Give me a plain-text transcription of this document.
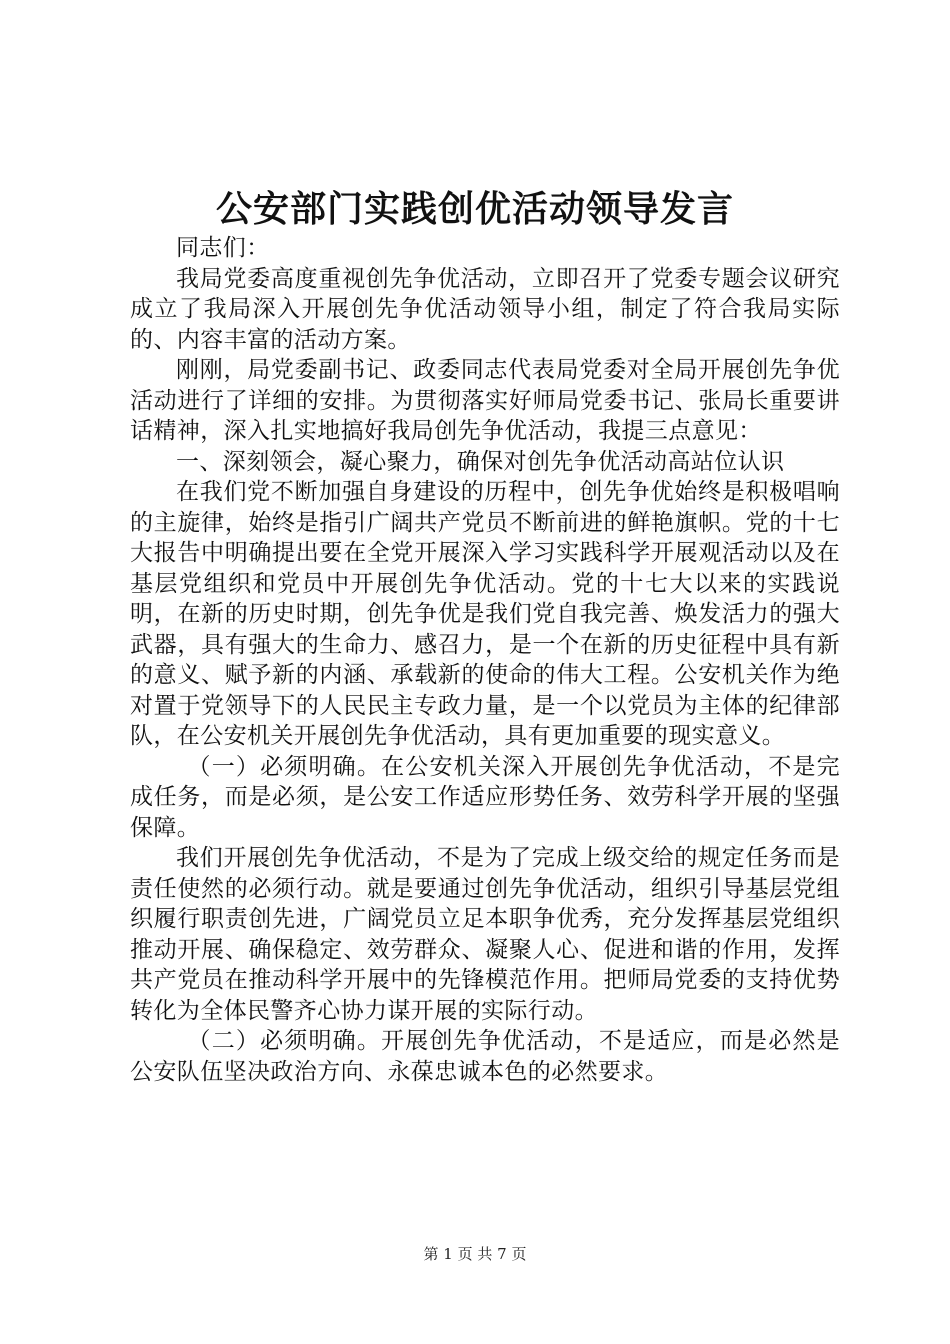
公安部门实践创优活动领导发言

同志们：

我局党委高度重视创先争优活动，立即召开了党委专题会议研究成立了我局深入开展创先争优活动领导小组，制定了符合我局实际的、内容丰富的活动方案。

刚刚，局党委副书记、政委同志代表局党委对全局开展创先争优活动进行了详细的安排。为贯彻落实好师局党委书记、张局长重要讲话精神，深入扎实地搞好我局创先争优活动，我提三点意见：

一、深刻领会，凝心聚力，确保对创先争优活动高站位认识

在我们党不断加强自身建设的历程中，创先争优始终是积极唱响的主旋律，始终是指引广阔共产党员不断前进的鲜艳旗帜。党的十七大报告中明确提出要在全党开展深入学习实践科学开展观活动以及在基层党组织和党员中开展创先争优活动。党的十七大以来的实践说明，在新的历史时期，创先争优是我们党自我完善、焕发活力的强大武器，具有强大的生命力、感召力，是一个在新的历史征程中具有新的意义、赋予新的内涵、承载新的使命的伟大工程。公安机关作为绝对置于党领导下的人民民主专政力量，是一个以党员为主体的纪律部队，在公安机关开展创先争优活动，具有更加重要的现实意义。

（一）必须明确。在公安机关深入开展创先争优活动，不是完成任务，而是必须，是公安工作适应形势任务、效劳科学开展的坚强保障。

我们开展创先争优活动，不是为了完成上级交给的规定任务而是责任使然的必须行动。就是要通过创先争优活动，组织引导基层党组织履行职责创先进，广阔党员立足本职争优秀，充分发挥基层党组织推动开展、确保稳定、效劳群众、凝聚人心、促进和谐的作用，发挥共产党员在推动科学开展中的先锋模范作用。把师局党委的支持优势转化为全体民警齐心协力谋开展的实际行动。

（二）必须明确。开展创先争优活动，不是适应，而是必然是公安队伍坚决政治方向、永葆忠诚本色的必然要求。

第 1 页 共 7 页
